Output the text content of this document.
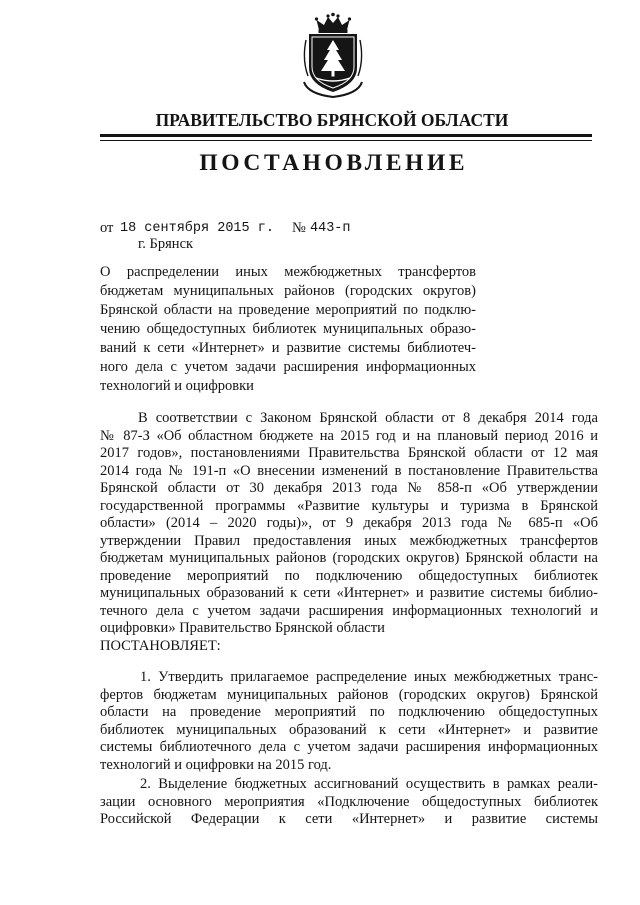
ПРАВИТЕЛЬСТВО БРЯНСКОЙ ОБЛАСТИ
ПОСТАНОВЛЕНИЕ
от 18 сентября 2015 г. № 443-п
г. Брянск
О распределении иных межбюджетных трансфертов
бюджетам муниципальных районов (городских округов)
Брянской области на проведение мероприятий по подклю-
чению общедоступных библиотек муниципальных образо-
ваний к сети «Интернет» и развитие системы библиотеч-
ного дела с учетом задачи расширения информационных
технологий и оцифровки
В соответствии с Законом Брянской области от 8 декабря 2014 года
№ 87-З «Об областном бюджете на 2015 год и на плановый период 2016 и
2017 годов», постановлениями Правительства Брянской области от 12 мая
2014 года № 191-п «О внесении изменений в постановление Правительства
Брянской области от 30 декабря 2013 года № 858-п «Об утверждении
государственной программы «Развитие культуры и туризма в Брянской
области» (2014 – 2020 годы)», от 9 декабря 2013 года № 685-п «Об
утверждении Правил предоставления иных межбюджетных трансфертов
бюджетам муниципальных районов (городских округов) Брянской области на
проведение мероприятий по подключению общедоступных библиотек
муниципальных образований к сети «Интернет» и развитие системы библио-
течного дела с учетом задачи расширения информационных технологий и
оцифровки» Правительство Брянской области
ПОСТАНОВЛЯЕТ:
1. Утвердить прилагаемое распределение иных межбюджетных транс-
фертов бюджетам муниципальных районов (городских округов) Брянской
области на проведение мероприятий по подключению общедоступных
библиотек муниципальных образований к сети «Интернет» и развитие
системы библиотечного дела с учетом задачи расширения информационных
технологий и оцифровки на 2015 год.
2. Выделение бюджетных ассигнований осуществить в рамках реали-
зации основного мероприятия «Подключение общедоступных библиотек
Российской Федерации к сети «Интернет» и развитие системы
